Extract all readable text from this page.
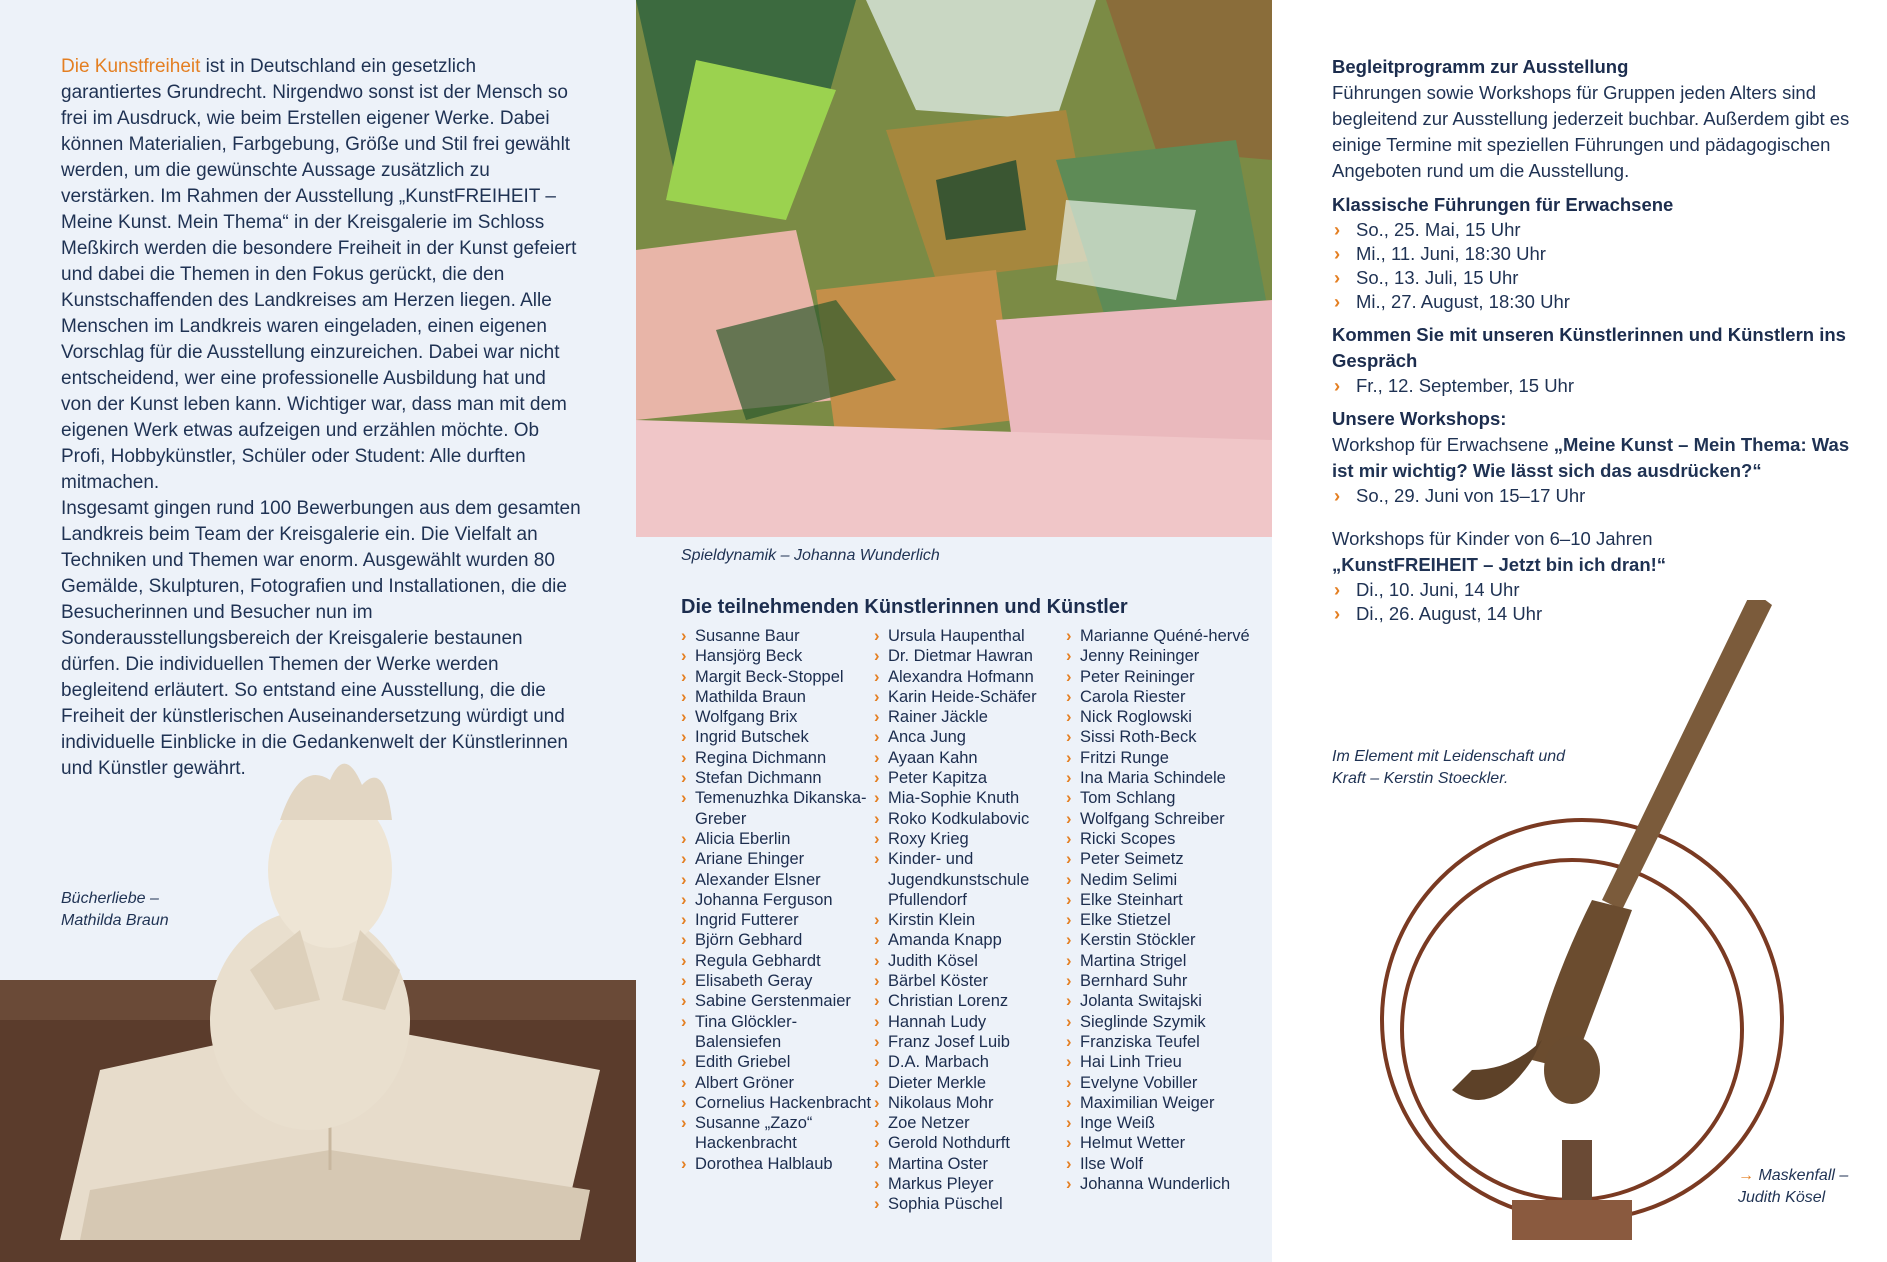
Die Kunstfreiheit ist in Deutschland ein gesetzlich garantiertes Grundrecht. Nirgendwo sonst ist der Mensch so frei im Ausdruck, wie beim Erstellen eigener Werke. Dabei können Materialien, Farbgebung, Größe und Stil frei gewählt werden, um die gewünschte Aussage zusätzlich zu verstärken. Im Rahmen der Ausstellung „KunstFREIHEIT – Meine Kunst. Mein Thema“ in der Kreisgalerie im Schloss Meßkirch werden die besondere Freiheit in der Kunst gefeiert und dabei die Themen in den Fokus gerückt, die den Kunstschaffenden des Landkreises am Herzen liegen. Alle Menschen im Landkreis waren eingeladen, einen eigenen Vorschlag für die Ausstellung einzureichen. Dabei war nicht entscheidend, wer eine professionelle Ausbildung hat und von der Kunst leben kann. Wichtiger war, dass man mit dem eigenen Werk etwas aufzeigen und erzählen möchte. Ob Profi, Hobbykünstler, Schüler oder Student: Alle durften mitmachen.

Insgesamt gingen rund 100 Bewerbungen aus dem gesamten Landkreis beim Team der Kreisgalerie ein. Die Vielfalt an Techniken und Themen war enorm. Ausgewählt wurden 80 Gemälde, Skulpturen, Fotografien und Installationen, die die Besucherinnen und Besucher nun im Sonderausstellungsbereich der Kreisgalerie bestaunen dürfen. Die individuellen Themen der Werke werden begleitend erläutert. So entstand eine Ausstellung, die die Freiheit der künstlerischen Auseinandersetzung würdigt und individuelle Einblicke in die Gedankenwelt der Künstlerinnen und Künstler gewährt.

Bücherliebe –
Mathilda Braun
Spieldynamik – Johanna Wunderlich
Die teilnehmenden Künstlerinnen und Künstler
› Susanne Baur
› Hansjörg Beck
› Margit Beck-Stoppel
› Mathilda Braun
› Wolfgang Brix
› Ingrid Butschek
› Regina Dichmann
› Stefan Dichmann
› Temenuzhka Dikanska-Greber
› Alicia Eberlin
› Ariane Ehinger
› Alexander Elsner
› Johanna Ferguson
› Ingrid Futterer
› Björn Gebhard
› Regula Gebhardt
› Elisabeth Geray
› Sabine Gerstenmaier
› Tina Glöckler-Balensiefen
› Edith Griebel
› Albert Gröner
› Cornelius Hackenbracht
› Susanne „Zazo“ Hackenbracht
› Dorothea Halblaub
› Ursula Haupenthal
› Dr. Dietmar Hawran
› Alexandra Hofmann
› Karin Heide-Schäfer
› Rainer Jäckle
› Anca Jung
› Ayaan Kahn
› Peter Kapitza
› Mia-Sophie Knuth
› Roko Kodkulabovic
› Roxy Krieg
› Kinder- und Jugendkunstschule Pfullendorf
› Kirstin Klein
› Amanda Knapp
› Judith Kösel
› Bärbel Köster
› Christian Lorenz
› Hannah Ludy
› Franz Josef Luib
› D.A. Marbach
› Dieter Merkle
› Nikolaus Mohr
› Zoe Netzer
› Gerold Nothdurft
› Martina Oster
› Markus Pleyer
› Sophia Püschel
› Marianne Quéné-hervé
› Jenny Reininger
› Peter Reininger
› Carola Riester
› Nick Roglowski
› Sissi Roth-Beck
› Fritzi Runge
› Ina Maria Schindele
› Tom Schlang
› Wolfgang Schreiber
› Ricki Scopes
› Peter Seimetz
› Nedim Selimi
› Elke Steinhart
› Elke Stietzel
› Kerstin Stöckler
› Martina Strigel
› Bernhard Suhr
› Jolanta Switajski
› Sieglinde Szymik
› Franziska Teufel
› Hai Linh Trieu
› Evelyne Vobiller
› Maximilian Weiger
› Inge Weiß
› Helmut Wetter
› Ilse Wolf
› Johanna Wunderlich
Begleitprogramm zur Ausstellung
Führungen sowie Workshops für Gruppen jeden Alters sind begleitend zur Ausstellung jederzeit buchbar. Außerdem gibt es einige Termine mit speziellen Führungen und pädagogischen Angeboten rund um die Ausstellung.
Klassische Führungen für Erwachsene
› So., 25. Mai, 15 Uhr
› Mi., 11. Juni, 18:30 Uhr
› So., 13. Juli, 15 Uhr
› Mi., 27. August, 18:30 Uhr
Kommen Sie mit unseren Künstlerinnen und Künstlern ins Gespräch
› Fr., 12. September, 15 Uhr
Unsere Workshops:
Workshop für Erwachsene „Meine Kunst – Mein Thema: Was ist mir wichtig? Wie lässt sich das ausdrücken?“
› So., 29. Juni von 15–17 Uhr
Workshops für Kinder von 6–10 Jahren
„KunstFREIHEIT – Jetzt bin ich dran!“
› Di., 10. Juni, 14 Uhr
› Di., 26. August, 14 Uhr
Im Element mit Leidenschaft und
Kraft – Kerstin Stoeckler.
→ Maskenfall –
Judith Kösel
